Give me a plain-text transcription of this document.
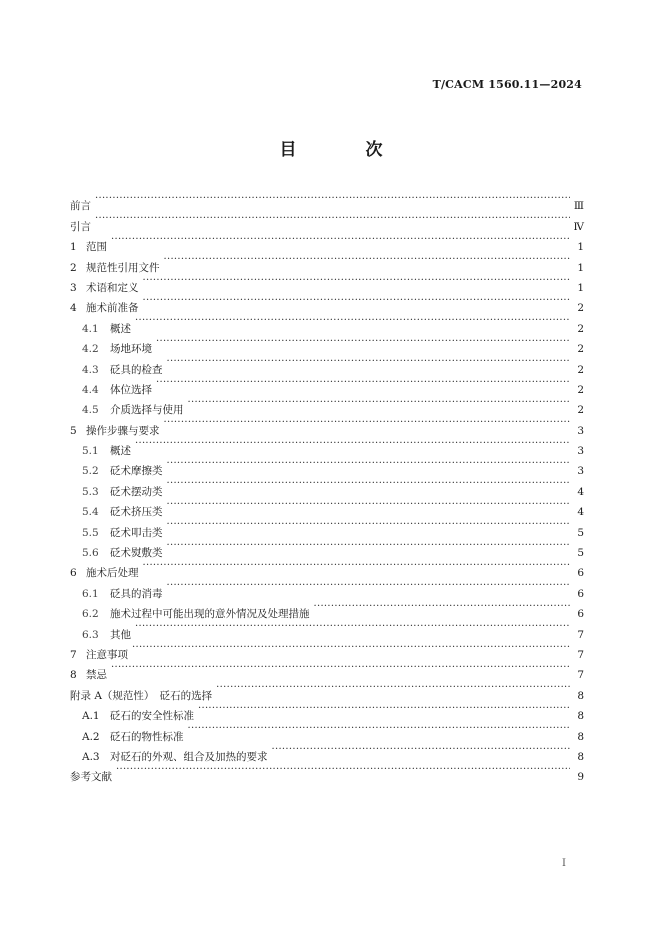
T/CACM 1560.11—2024
目　次
前言 ·····	Ⅲ
引言 ·····	Ⅳ
1 范围 ·····	1
2 规范性引用文件 ·····	1
3 术语和定义 ·····	1
4 施术前准备 ·····	2
4.1	概述 ·····	2
4.2	场地环境 ·····	2
4.3	砭具的检查 ·····	2
4.4	体位选择 ·····	2
4.5	介质选择与使用 ·····	2
5 操作步骤与要求 ·····	3
5.1	概述 ·····	3
5.2	砭术摩擦类 ·····	3
5.3	砭术摆动类 ·····	4
5.4	砭术挤压类 ·····	4
5.5	砭术叩击类 ·····	5
5.6	砭术熨敷类 ·····	5
6 施术后处理 ·····	6
6.1	砭具的消毒 ·····	6
6.2	施术过程中可能出现的意外情况及处理措施 ·····	6
6.3	其他 ·····	7
7 注意事项 ·····	7
8 禁忌 ·····	7
附录 A（规范性）　砭石的选择 ·····	8
A.1 砭石的安全性标准 ·····	8
A.2 砭石的物性标准 ·····	8
A.3 对砭石的外观、组合及加热的要求 ·····	8
参考文献 ·····	9
I
